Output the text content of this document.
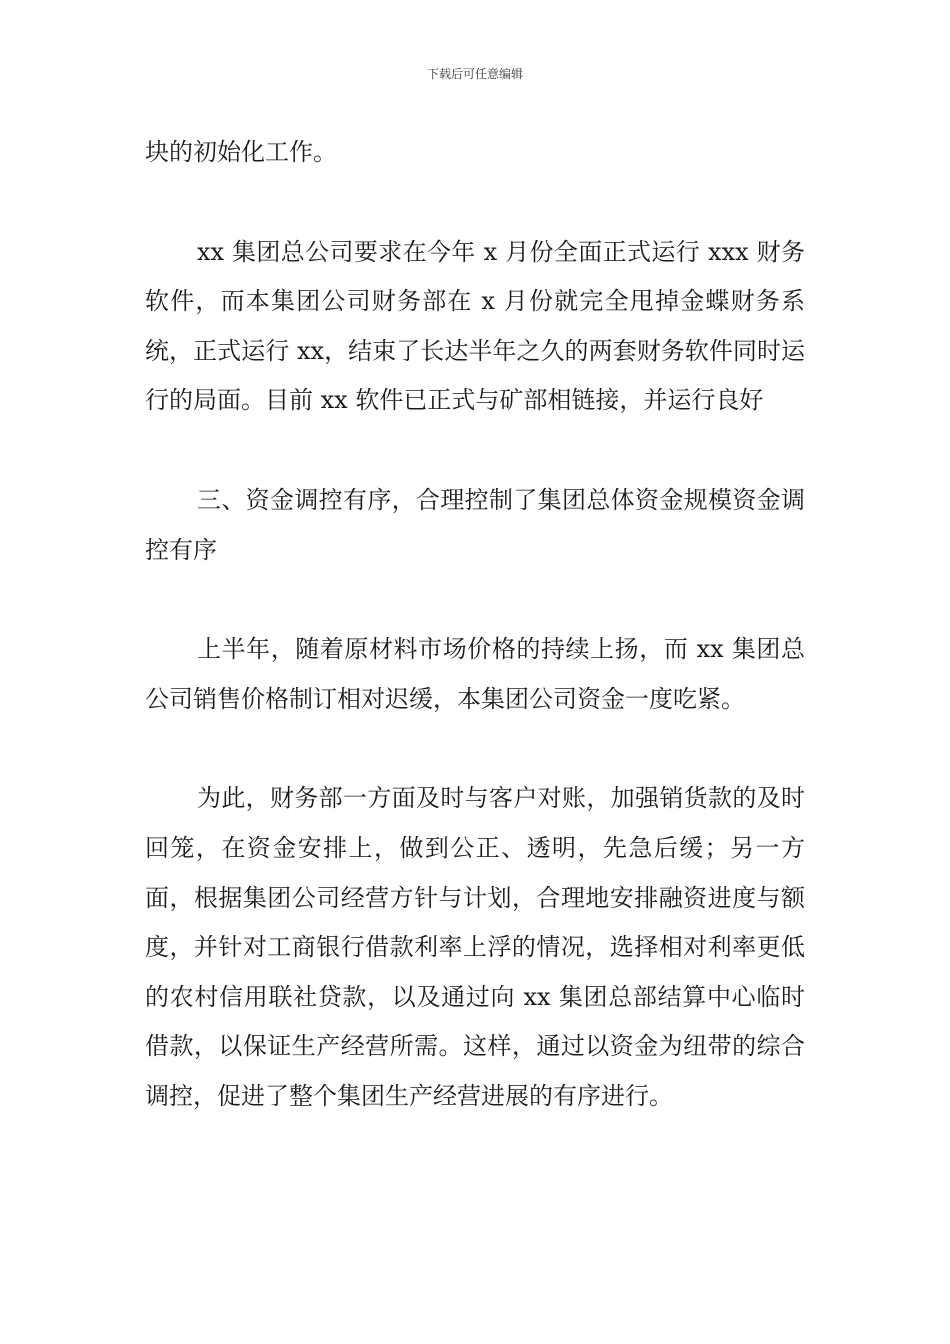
下载后可任意编辑

块的初始化工作。

xx 集团总公司要求在今年 x 月份全面正式运行 xxx 财务软件，而本集团公司财务部在 x 月份就完全甩掉金蝶财务系统，正式运行 xx，结束了长达半年之久的两套财务软件同时运行的局面。目前 xx 软件已正式与矿部相链接，并运行良好

三、资金调控有序，合理控制了集团总体资金规模资金调控有序

上半年，随着原材料市场价格的持续上扬，而 xx 集团总公司销售价格制订相对迟缓，本集团公司资金一度吃紧。

为此，财务部一方面及时与客户对账，加强销货款的及时回笼，在资金安排上，做到公正、透明，先急后缓；另一方面，根据集团公司经营方针与计划，合理地安排融资进度与额度，并针对工商银行借款利率上浮的情况，选择相对利率更低的农村信用联社贷款，以及通过向 xx 集团总部结算中心临时借款，以保证生产经营所需。这样，通过以资金为纽带的综合调控，促进了整个集团生产经营进展的有序进行。
